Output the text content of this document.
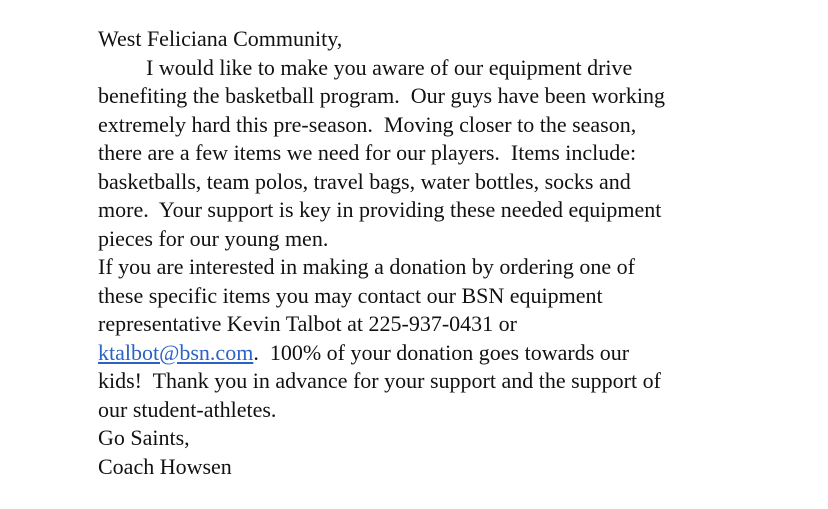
West Feliciana Community,
I would like to make you aware of our equipment drive
benefiting the basketball program.  Our guys have been working
extremely hard this pre-season.  Moving closer to the season,
there are a few items we need for our players.  Items include:
basketballs, team polos, travel bags, water bottles, socks and
more.  Your support is key in providing these needed equipment
pieces for our young men.
If you are interested in making a donation by ordering one of
these specific items you may contact our BSN equipment
representative Kevin Talbot at 225-937-0431 or
ktalbot@bsn.com.  100% of your donation goes towards our
kids!  Thank you in advance for your support and the support of
our student-athletes.
Go Saints,
Coach Howsen
